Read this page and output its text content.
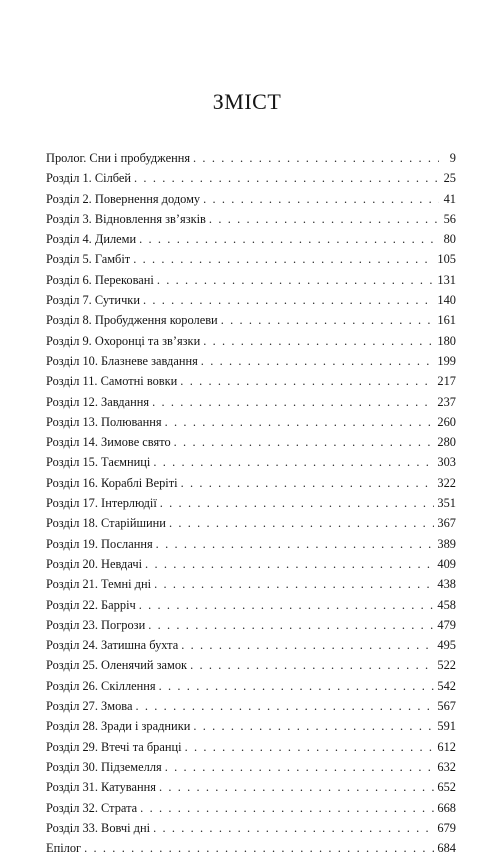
ЗМІСТ
Пролог. Сни і пробудження . . .	9
Розділ 1. Сілбей . . .	25
Розділ 2. Повернення додому . . .	41
Розділ 3. Відновлення зв’язків . . .	56
Розділ 4. Дилеми . . .	80
Розділ 5. Гамбіт . . .	105
Розділ 6. Перековані . . .	131
Розділ 7. Сутички . . .	140
Розділ 8. Пробудження королеви . . .	161
Розділ 9. Охоронці та зв’язки . . .	180
Розділ 10. Блазневе завдання . . .	199
Розділ 11. Самотні вовки . . .	217
Розділ 12. Завдання . . .	237
Розділ 13. Полювання . . .	260
Розділ 14. Зимове свято . . .	280
Розділ 15. Таємниці . . .	303
Розділ 16. Кораблі Веріті . . .	322
Розділ 17. Інтерлюдії . . .	351
Розділ 18. Старійшини . . .	367
Розділ 19. Послання . . .	389
Розділ 20. Невдачі . . .	409
Розділ 21. Темні дні . . .	438
Розділ 22. Барріч . . .	458
Розділ 23. Погрози . . .	479
Розділ 24. Затишна бухта . . .	495
Розділ 25. Оленячий замок . . .	522
Розділ 26. Скіллення . . .	542
Розділ 27. Змова . . .	567
Розділ 28. Зради і зрадники . . .	591
Розділ 29. Втечі та бранці . . .	612
Розділ 30. Підземелля . . .	632
Розділ 31. Катування . . .	652
Розділ 32. Страта . . .	668
Розділ 33. Вовчі дні . . .	679
Епілог . . .	684
